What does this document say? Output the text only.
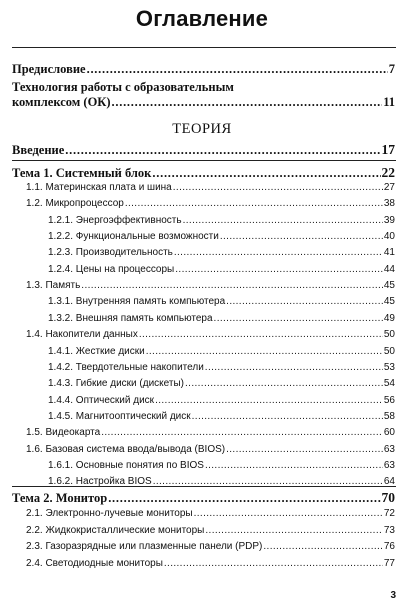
Оглавление
Предисловие . . .	7
Технология работы с образовательным
комплексом (ОК) . . .	11
ТЕОРИЯ
Введение . . .	17
Тема 1. Системный блок . . .	22
1.1. Материнская плата и шина . . .	27
1.2. Микропроцессор . . .	38
1.2.1. Энергоэффективность . . .	39
1.2.2. Функциональные возможности . . .	40
1.2.3. Производительность . . .	41
1.2.4. Цены на процессоры . . .	44
1.3. Память . . .	45
1.3.1. Внутренняя память компьютера . . .	45
1.3.2. Внешняя память компьютера . . .	49
1.4. Накопители данных . . .	50
1.4.1. Жесткие диски . . .	50
1.4.2. Твердотельные накопители . . .	53
1.4.3. Гибкие диски (дискеты) . . .	54
1.4.4. Оптический диск . . .	56
1.4.5. Магнитооптический диск . . .	58
1.5. Видеокарта . . .	60
1.6. Базовая система ввода/вывода (BIOS) . . .	63
1.6.1. Основные понятия по BIOS . . .	63
1.6.2. Настройка BIOS . . .	64
Тема 2. Монитор . . .	70
2.1. Электронно-лучевые мониторы . . .	72
2.2. Жидкокристаллические мониторы . . .	73
2.3. Газоразрядные или плазменные панели (PDP) . . .	76
2.4. Светодиодные мониторы . . .	77
3
